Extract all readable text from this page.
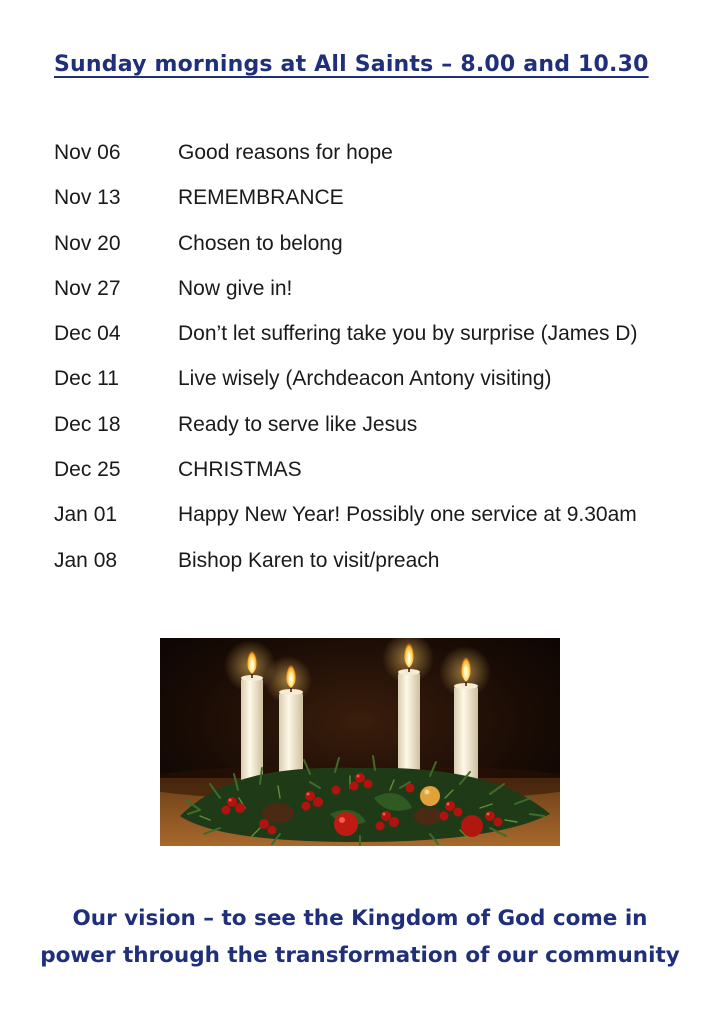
Sunday mornings at All Saints – 8.00 and 10.30
Nov 06	Good reasons for hope
Nov 13	REMEMBRANCE
Nov 20	Chosen to belong
Nov 27	Now give in!
Dec 04	Don’t let suffering take you by surprise (James D)
Dec 11	Live wisely (Archdeacon Antony visiting)
Dec 18	Ready to serve like Jesus
Dec 25	CHRISTMAS
Jan 01	Happy New Year! Possibly one service at 9.30am
Jan 08	Bishop Karen to visit/preach

Our vision – to see the Kingdom of God come in
power through the transformation of our community
